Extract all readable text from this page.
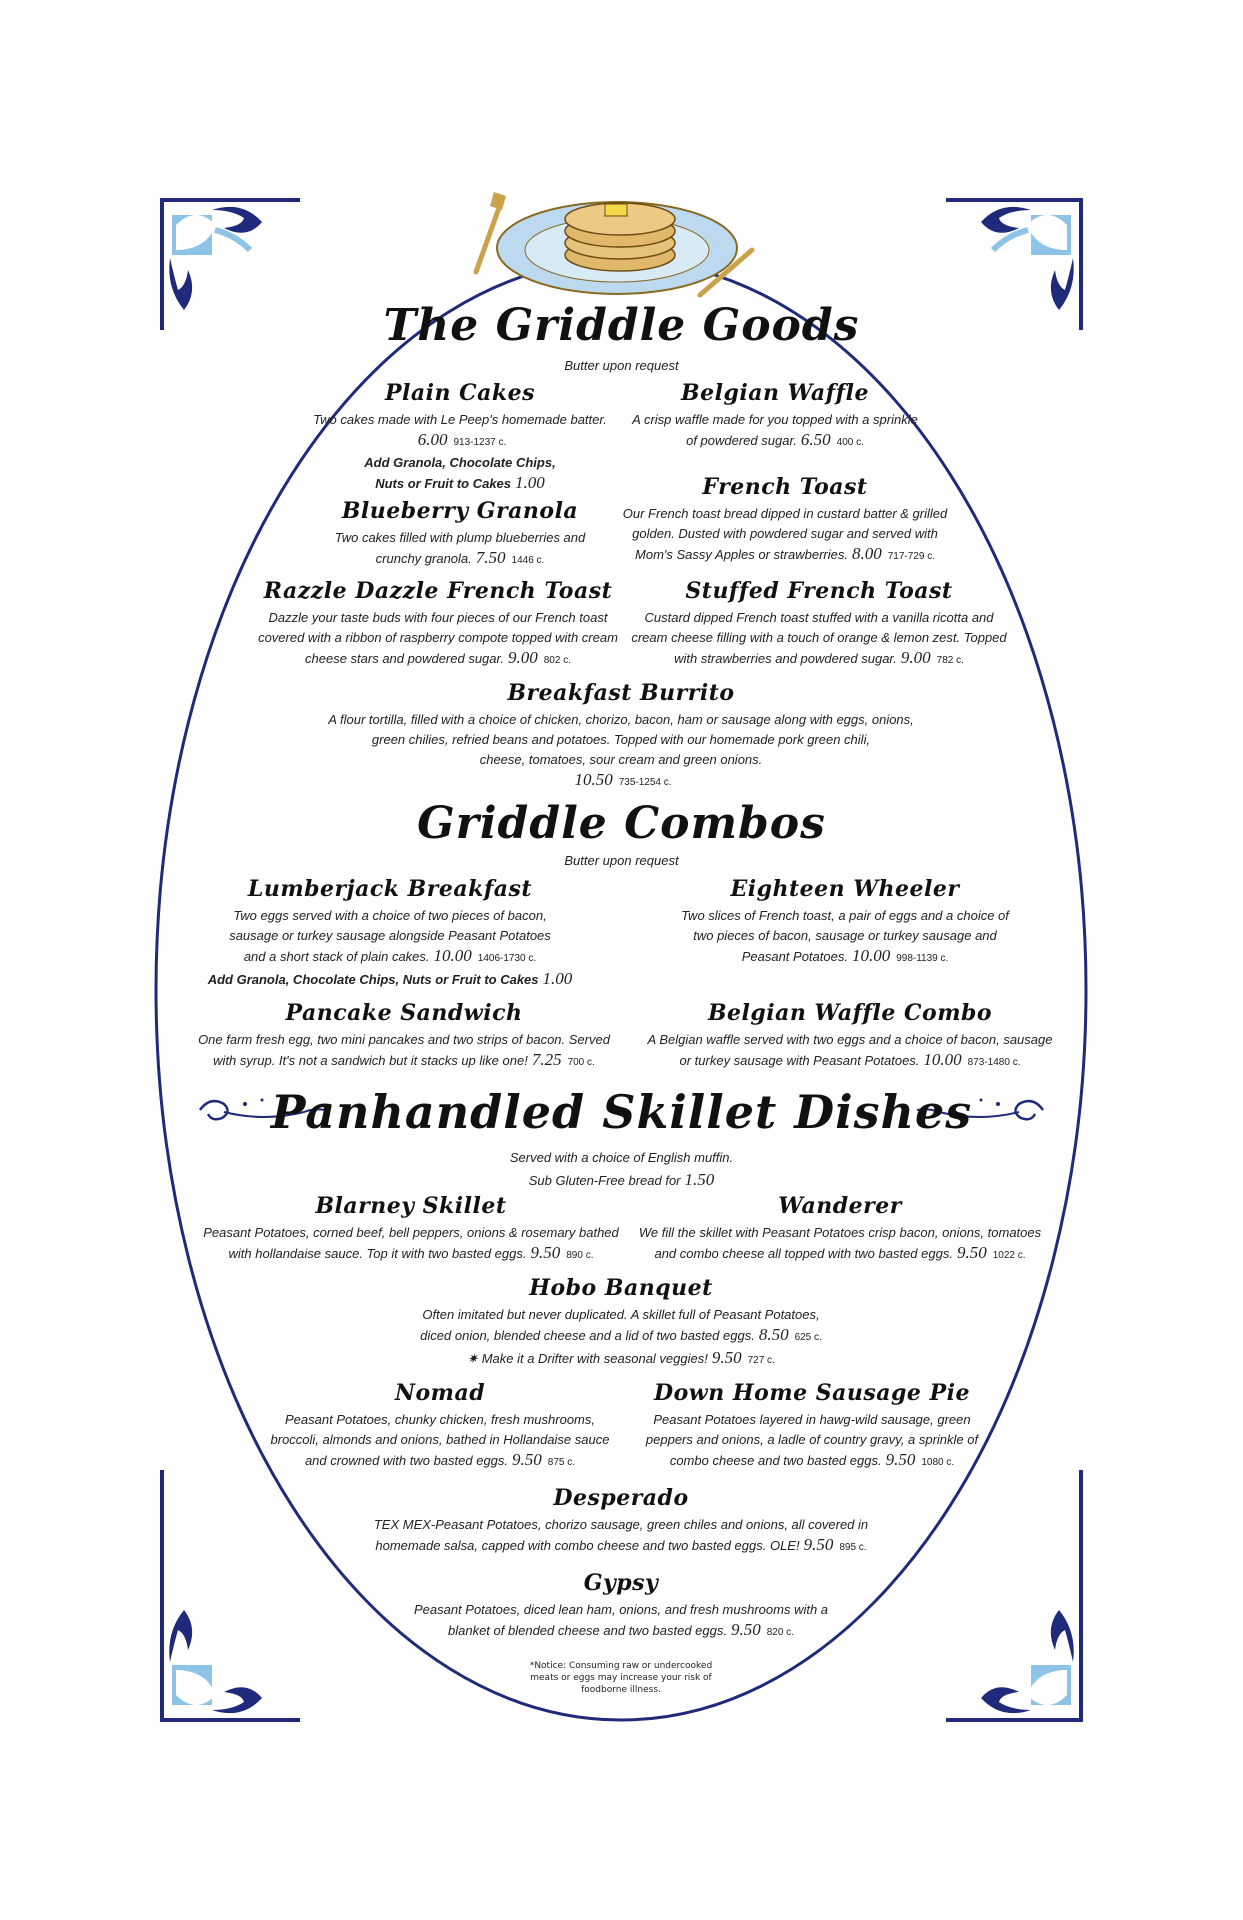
The Griddle Goods
Butter upon request
Plain Cakes
Two cakes made with Le Peep's homemade batter.
6.00 913-1237 c.
Add Granola, Chocolate Chips,
Nuts or Fruit to Cakes 1.00
Belgian Waffle
A crisp waffle made for you topped with a sprinkle
of powdered sugar. 6.50 400 c.
Blueberry Granola
Two cakes filled with plump blueberries and
crunchy granola. 7.50 1446 c.
French Toast
Our French toast bread dipped in custard batter & grilled
golden. Dusted with powdered sugar and served with
Mom's Sassy Apples or strawberries. 8.00 717-729 c.
Razzle Dazzle French Toast
Dazzle your taste buds with four pieces of our French toast
covered with a ribbon of raspberry compote topped with cream
cheese stars and powdered sugar. 9.00 802 c.
Stuffed French Toast
Custard dipped French toast stuffed with a vanilla ricotta and
cream cheese filling with a touch of orange & lemon zest. Topped
with strawberries and powdered sugar. 9.00 782 c.
Breakfast Burrito
A flour tortilla, filled with a choice of chicken, chorizo, bacon, ham or sausage along with eggs, onions,
green chilies, refried beans and potatoes. Topped with our homemade pork green chili,
cheese, tomatoes, sour cream and green onions.
10.50 735-1254 c.
Griddle Combos
Butter upon request
Lumberjack Breakfast
Two eggs served with a choice of two pieces of bacon,
sausage or turkey sausage alongside Peasant Potatoes
and a short stack of plain cakes. 10.00 1406-1730 c.
Add Granola, Chocolate Chips, Nuts or Fruit to Cakes 1.00
Eighteen Wheeler
Two slices of French toast, a pair of eggs and a choice of
two pieces of bacon, sausage or turkey sausage and
Peasant Potatoes. 10.00 998-1139 c.
Pancake Sandwich
One farm fresh egg, two mini pancakes and two strips of bacon. Served
with syrup. It's not a sandwich but it stacks up like one! 7.25 700 c.
Belgian Waffle Combo
A Belgian waffle served with two eggs and a choice of bacon, sausage
or turkey sausage with Peasant Potatoes. 10.00 873-1480 c.
Panhandled Skillet Dishes
Served with a choice of English muffin.
Sub Gluten-Free bread for 1.50
Blarney Skillet
Peasant Potatoes, corned beef, bell peppers, onions & rosemary bathed
with hollandaise sauce. Top it with two basted eggs. 9.50 890 c.
Wanderer
We fill the skillet with Peasant Potatoes crisp bacon, onions, tomatoes
and combo cheese all topped with two basted eggs. 9.50 1022 c.
Hobo Banquet
Often imitated but never duplicated. A skillet full of Peasant Potatoes,
diced onion, blended cheese and a lid of two basted eggs. 8.50 625 c.
✷ Make it a Drifter with seasonal veggies! 9.50 727 c.
Nomad
Peasant Potatoes, chunky chicken, fresh mushrooms,
broccoli, almonds and onions, bathed in Hollandaise sauce
and crowned with two basted eggs. 9.50 875 c.
Down Home Sausage Pie
Peasant Potatoes layered in hawg-wild sausage, green
peppers and onions, a ladle of country gravy, a sprinkle of
combo cheese and two basted eggs. 9.50 1080 c.
Desperado
TEX MEX-Peasant Potatoes, chorizo sausage, green chiles and onions, all covered in
homemade salsa, capped with combo cheese and two basted eggs. OLE! 9.50 895 c.
Gypsy
Peasant Potatoes, diced lean ham, onions, and fresh mushrooms with a
blanket of blended cheese and two basted eggs. 9.50 820 c.
*Notice: Consuming raw or undercooked
meats or eggs may increase your risk of
foodborne illness.
